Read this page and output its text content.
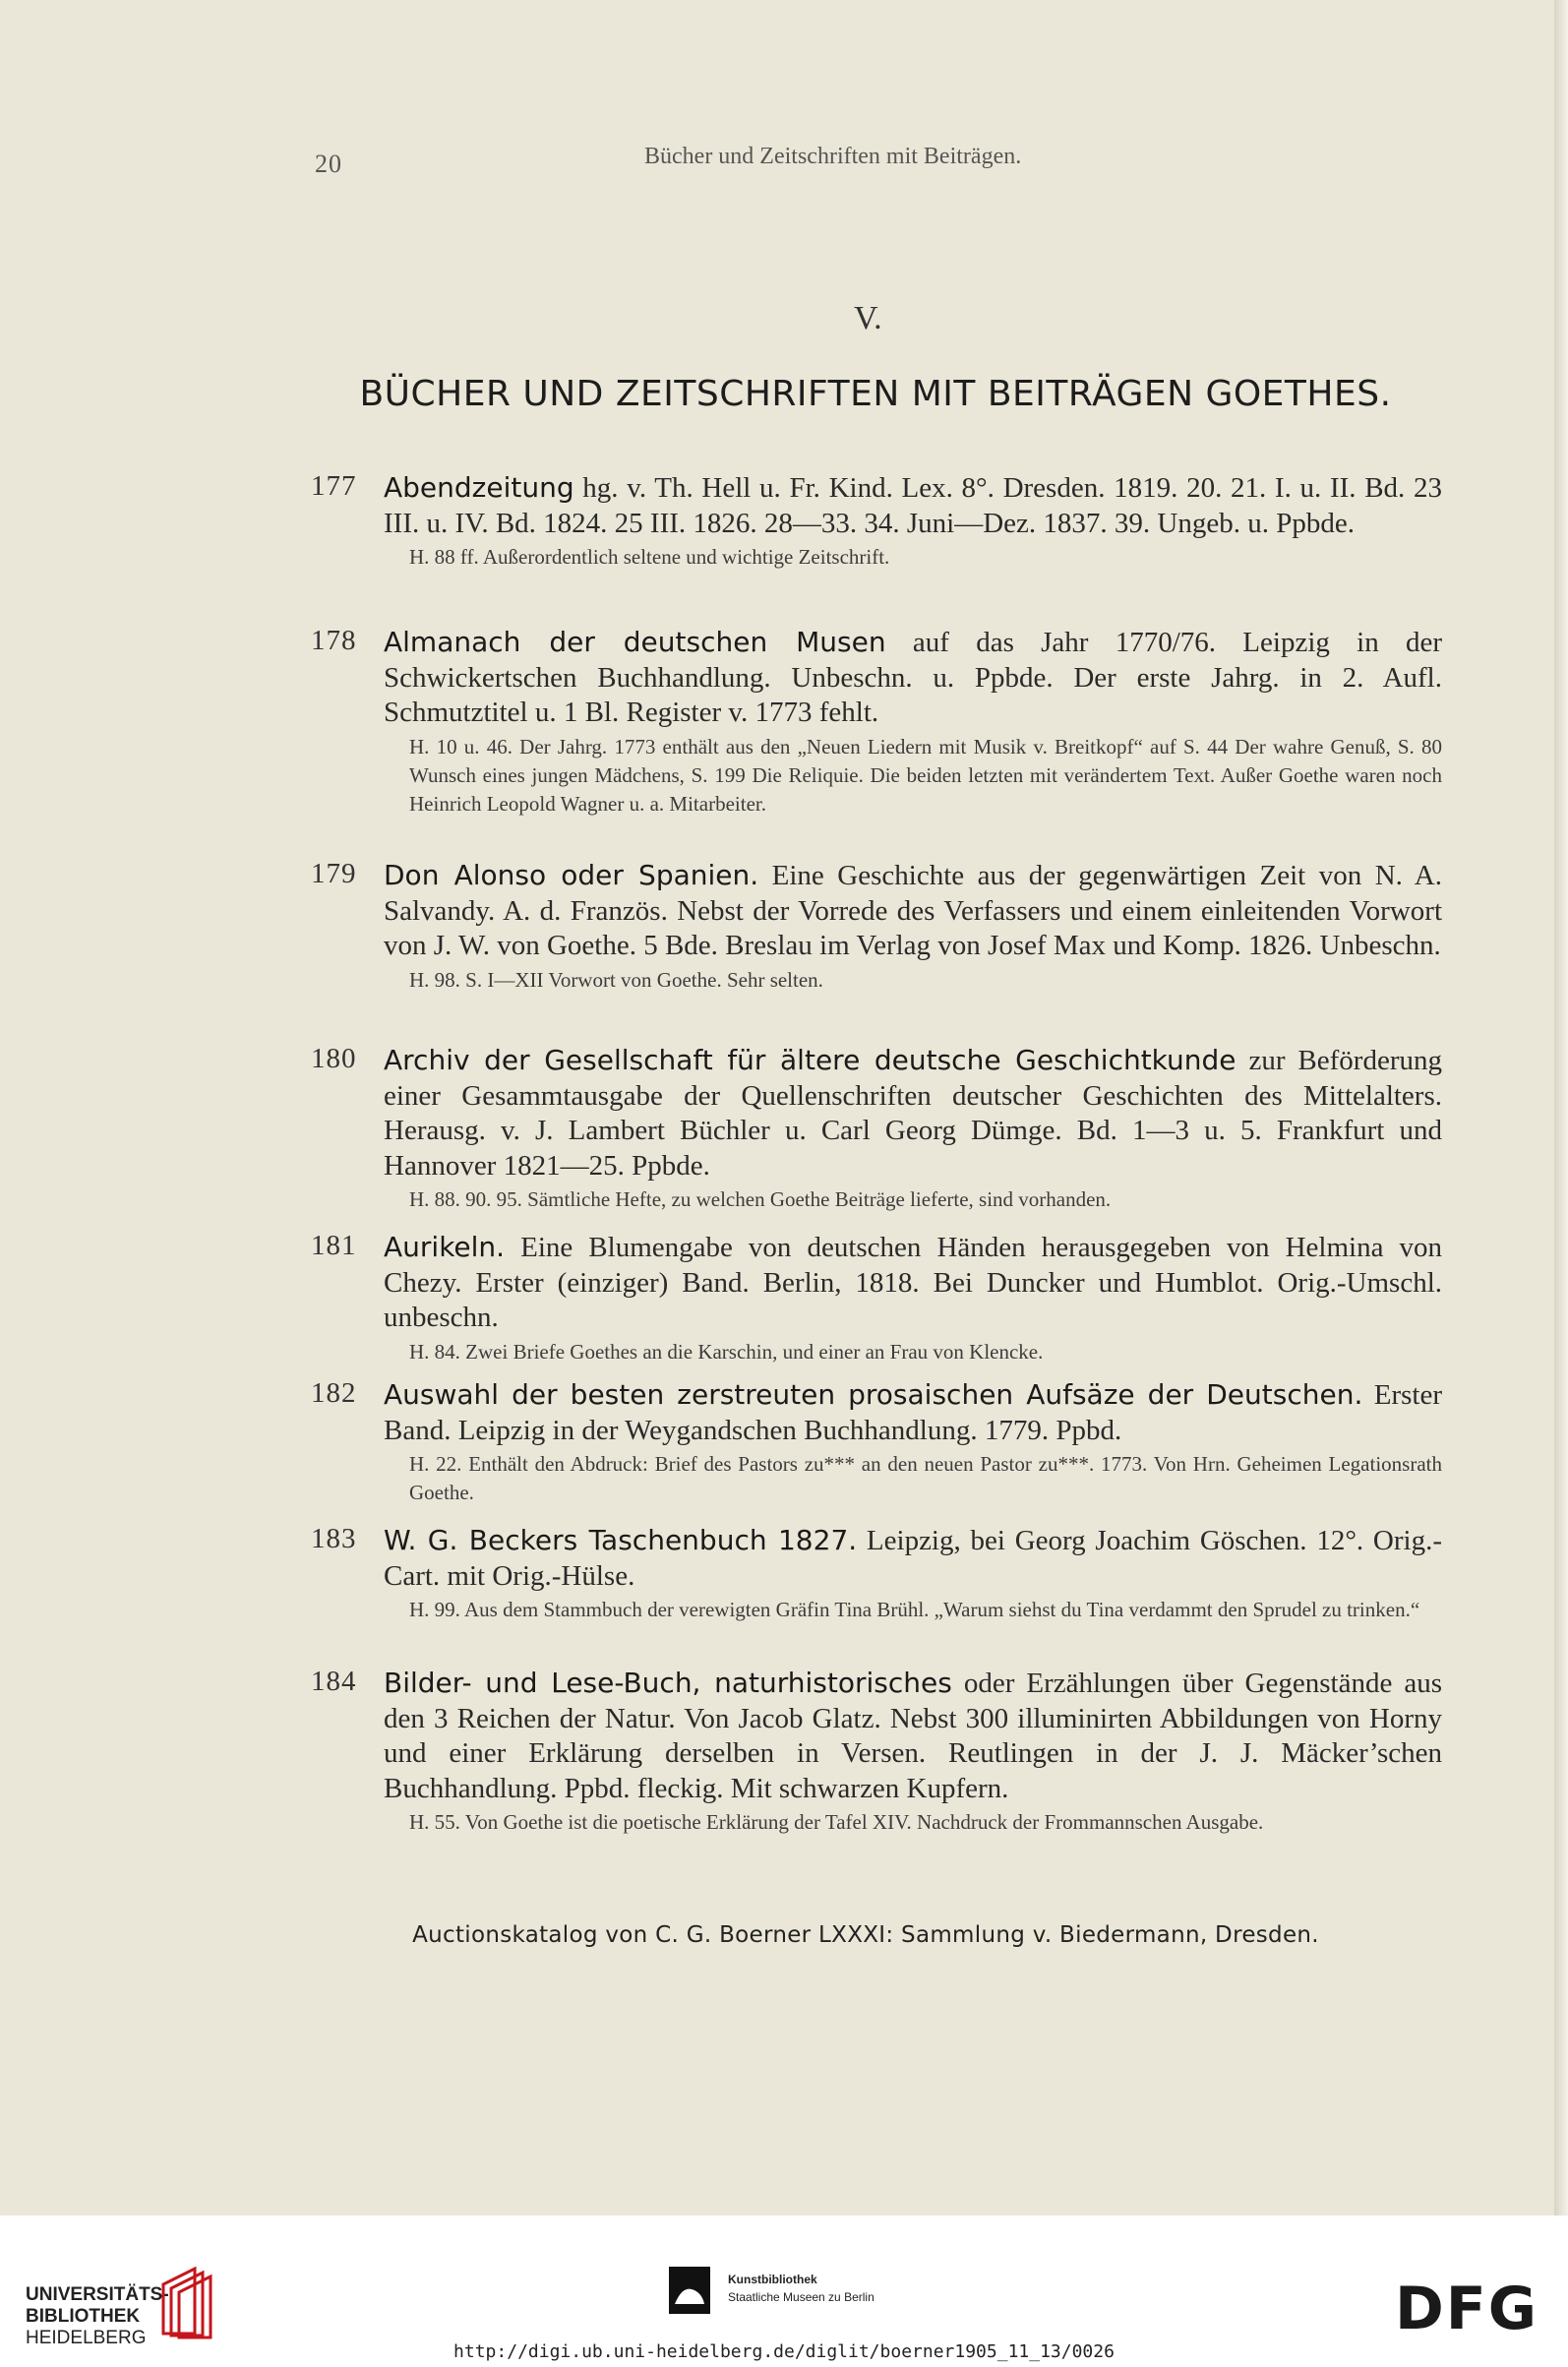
20	Bücher und Zeitschriften mit Beiträgen.
V.
BÜCHER UND ZEITSCHRIFTEN MIT BEITRÄGEN GOETHES.
177 Abendzeitung hg. v. Th. Hell u. Fr. Kind. Lex. 8°. Dresden. 1819. 20. 21. I. u. II. Bd. 23 III. u. IV. Bd. 1824. 25 III. 1826. 28—33. 34. Juni—Dez. 1837. 39. Ungeb. u. Ppbde.
H. 88 ff. Außerordentlich seltene und wichtige Zeitschrift.
178 Almanach der deutschen Musen auf das Jahr 1770/76. Leipzig in der Schwickertschen Buchhandlung. Unbeschn. u. Ppbde. Der erste Jahrg. in 2. Aufl. Schmutztitel u. 1 Bl. Register v. 1773 fehlt.
H. 10 u. 46. Der Jahrg. 1773 enthält aus den „Neuen Liedern mit Musik v. Breitkopf“ auf S. 44 Der wahre Genuß, S. 80 Wunsch eines jungen Mädchens, S. 199 Die Reliquie. Die beiden letzten mit verändertem Text. Außer Goethe waren noch Heinrich Leopold Wagner u. a. Mitarbeiter.
179 Don Alonso oder Spanien. Eine Geschichte aus der gegenwärtigen Zeit von N. A. Salvandy. A. d. Französ. Nebst der Vorrede des Verfassers und einem einleitenden Vorwort von J. W. von Goethe. 5 Bde. Breslau im Verlag von Josef Max und Komp. 1826. Unbeschn.
H. 98. S. I—XII Vorwort von Goethe. Sehr selten.
180 Archiv der Gesellschaft für ältere deutsche Geschichtkunde zur Beförderung einer Gesammtausgabe der Quellenschriften deutscher Geschichten des Mittelalters. Herausg. v. J. Lambert Büchler u. Carl Georg Dümge. Bd. 1—3 u. 5. Frankfurt und Hannover 1821—25. Ppbde.
H. 88. 90. 95. Sämtliche Hefte, zu welchen Goethe Beiträge lieferte, sind vorhanden.
181 Aurikeln. Eine Blumengabe von deutschen Händen herausgegeben von Helmina von Chezy. Erster (einziger) Band. Berlin, 1818. Bei Duncker und Humblot. Orig.-Umschl. unbeschn.
H. 84. Zwei Briefe Goethes an die Karschin, und einer an Frau von Klencke.
182 Auswahl der besten zerstreuten prosaischen Aufsäze der Deutschen. Erster Band. Leipzig in der Weygandschen Buchhandlung. 1779. Ppbd.
H. 22. Enthält den Abdruck: Brief des Pastors zu*** an den neuen Pastor zu***. 1773. Von Hrn. Geheimen Legationsrath Goethe.
183 W. G. Beckers Taschenbuch 1827. Leipzig, bei Georg Joachim Göschen. 12°. Orig.-Cart. mit Orig.-Hülse.
H. 99. Aus dem Stammbuch der verewigten Gräfin Tina Brühl. „Warum siehst du Tina verdammt den Sprudel zu trinken.“
184 Bilder- und Lese-Buch, naturhistorisches oder Erzählungen über Gegenstände aus den 3 Reichen der Natur. Von Jacob Glatz. Nebst 300 illuminirten Abbildungen von Horny und einer Erklärung derselben in Versen. Reutlingen in der J. J. Mäcker’schen Buchhandlung. Ppbd. fleckig. Mit schwarzen Kupfern.
H. 55. Von Goethe ist die poetische Erklärung der Tafel XIV. Nachdruck der Frommannschen Ausgabe.
Auctionskatalog von C. G. Boerner LXXXI: Sammlung v. Biedermann, Dresden.
UNIVERSITÄTS-
BIBLIOTHEK
HEIDELBERG
Kunstbibliothek
Staatliche Museen zu Berlin	DFG
http://digi.ub.uni-heidelberg.de/diglit/boerner1905_11_13/0026
